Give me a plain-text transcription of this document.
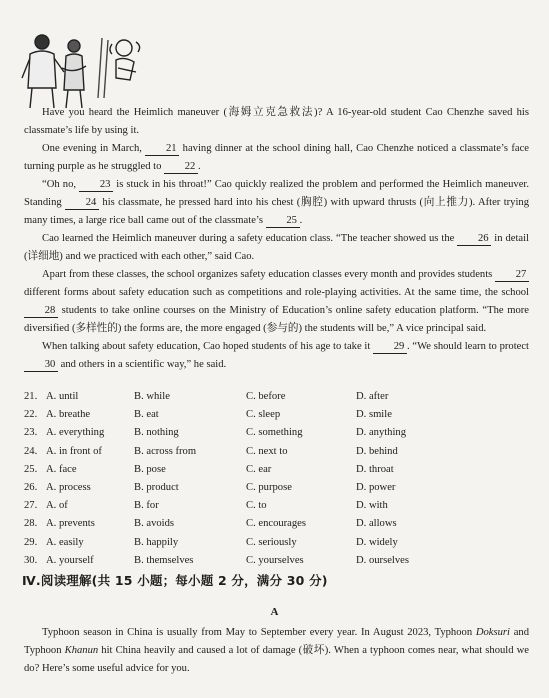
Have you heard the Heimlich maneuver (海姆立克急救法)? A 16-year-old student Cao Chenzhe saved his classmate’s life by using it.

One evening in March, 21 having dinner at the school dining hall, Cao Chenzhe noticed a classmate’s face turning purple as he struggled to 22 .

“Oh no, 23 is stuck in his throat!” Cao quickly realized the problem and performed the Heimlich maneuver. Standing 24 his classmate, he pressed hard into his chest (胸腔) with upward thrusts (向上推力). After trying many times, a large rice ball came out of the classmate’s 25 .

Cao learned the Heimlich maneuver during a safety education class. “The teacher showed us the 26 in detail (详细地) and we practiced with each other,” said Cao.

Apart from these classes, the school organizes safety education classes every month and provides students 27 different forms about safety education such as competitions and role-playing activities. At the same time, the school 28 students to take online courses on the Ministry of Education’s online safety education platform. “The more diversified (多样性的) the forms are, the more engaged (参与的) the students will be,” A vice principal said.

When talking about safety education, Cao hoped students of his age to take it 29 . “We should learn to protect 30 and others in a scientific way,” he said.

21. A. until	B. while	C. before	D. after
22. A. breathe	B. eat	C. sleep	D. smile
23. A. everything	B. nothing	C. something	D. anything
24. A. in front of	B. across from	C. next to	D. behind
25. A. face	B. pose	C. ear	D. throat
26. A. process	B. product	C. purpose	D. power
27. A. of	B. for	C. to	D. with
28. A. prevents	B. avoids	C. encourages	D. allows
29. A. easily	B. happily	C. seriously	D. widely
30. A. yourself	B. themselves	C. yourselves	D. ourselves
Ⅳ.阅读理解(共 15 小题；每小题 2 分，满分 30 分)
A

Typhoon season in China is usually from May to September every year. In August 2023, Typhoon Doksuri and Typhoon Khanun hit China heavily and caused a lot of damage (破坏). When a typhoon comes near, what should we do? Here’s some useful advice for you.
